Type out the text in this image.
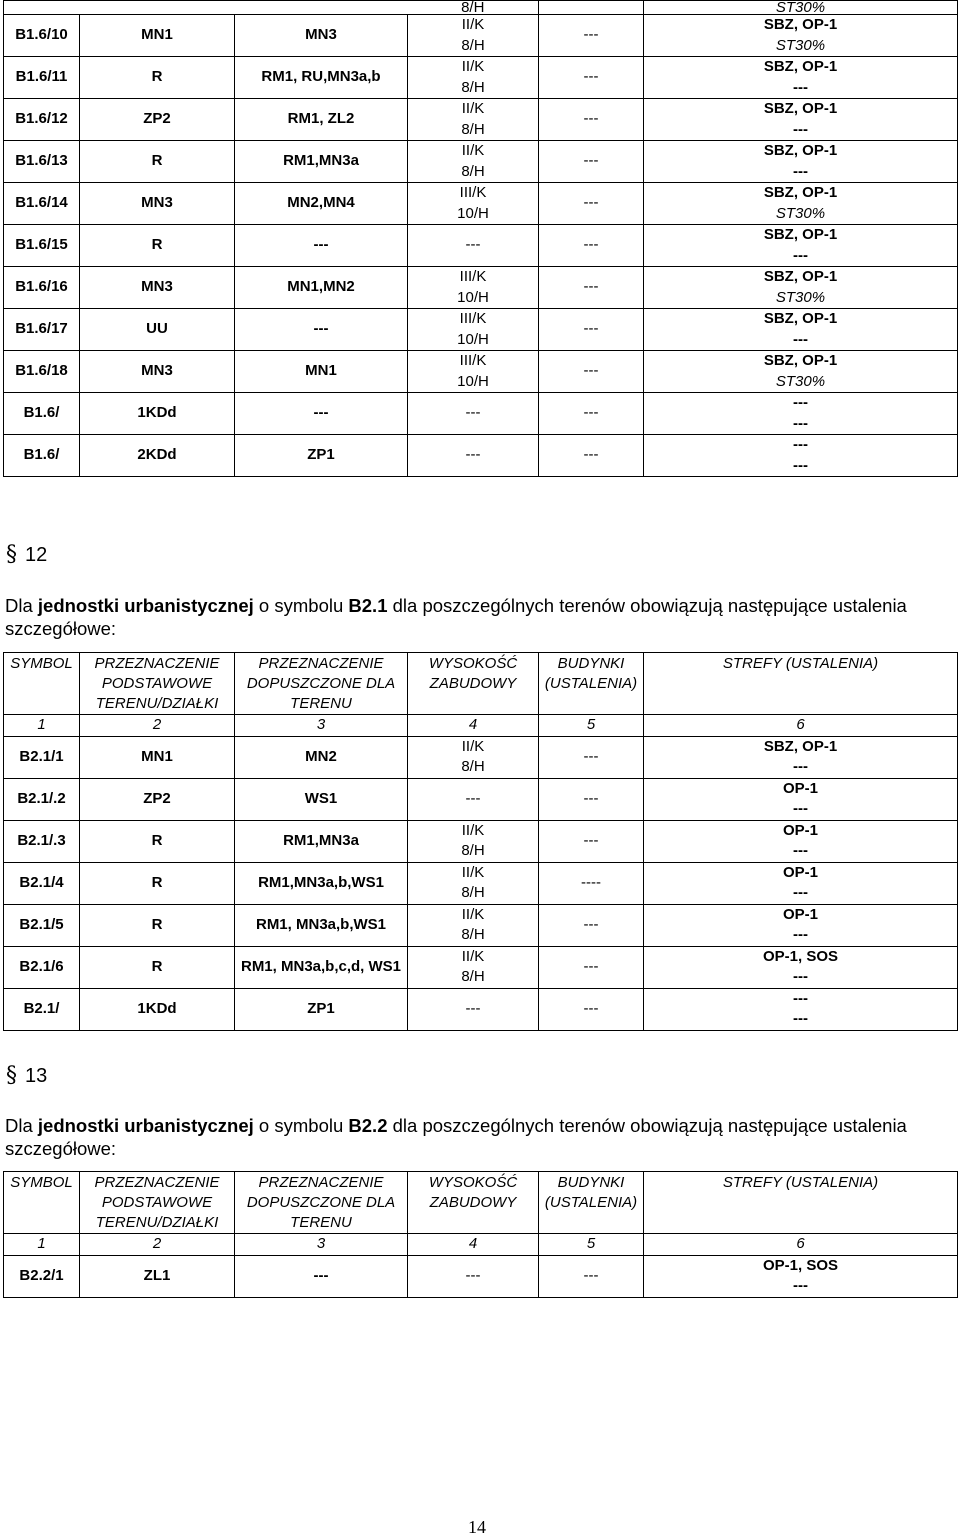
			8/H		ST30%
B1.6/10	MN1	MN3	II/K
8/H	---	SBZ, OP-1
ST30%

B1.6/11	R	RM1, RU,MN3a,b	II/K
8/H	---	SBZ, OP-1
---

B1.6/12	ZP2	RM1, ZL2	II/K
8/H	---	SBZ, OP-1
---

B1.6/13	R	RM1,MN3a	II/K
8/H	---	SBZ, OP-1
---

B1.6/14	MN3	MN2,MN4	III/K
10/H	---	SBZ, OP-1
ST30%

B1.6/15	R	---	---	---	SBZ, OP-1
---

B1.6/16	MN3	MN1,MN2	III/K
10/H	---	SBZ, OP-1
ST30%

B1.6/17	UU	---	III/K
10/H	---	SBZ, OP-1
---

B1.6/18	MN3	MN1	III/K
10/H	---	SBZ, OP-1
ST30%

B1.6/	1KDd	---	---	---	---
---

B1.6/	2KDd	ZP1	---	---	---
---
§ 12
Dla jednostki urbanistycznej o symbolu B2.1 dla poszczególnych terenów obowiązują następujące ustalenia szczegółowe:
SYMBOL	PRZEZNACZENIE PODSTAWOWE TERENU/DZIAŁKI	PRZEZNACZENIE DOPUSZCZONE DLA TERENU	WYSOKOŚĆ ZABUDOWY	BUDYNKI (USTALENIA)	STREFY (USTALENIA)
1	2	3	4	5	6
B2.1/1	MN1	MN2	II/K
8/H	---	SBZ, OP-1
---

B2.1/.2	ZP2	WS1	---	---	OP-1
---

B2.1/.3	R	RM1,MN3a	II/K
8/H	---	OP-1
---

B2.1/4	R	RM1,MN3a,b,WS1	II/K
8/H	----	OP-1
---

B2.1/5	R	RM1, MN3a,b,WS1	II/K
8/H	---	OP-1
---

B2.1/6	R	RM1, MN3a,b,c,d, WS1	II/K
8/H	---	OP-1, SOS
---

B2.1/	1KDd	ZP1	---	---	---
---
§ 13
Dla jednostki urbanistycznej o symbolu B2.2 dla poszczególnych terenów obowiązują następujące ustalenia szczegółowe:
SYMBOL	PRZEZNACZENIE PODSTAWOWE TERENU/DZIAŁKI	PRZEZNACZENIE DOPUSZCZONE DLA TERENU	WYSOKOŚĆ ZABUDOWY	BUDYNKI (USTALENIA)	STREFY (USTALENIA)
1	2	3	4	5	6
B2.2/1	ZL1	---	---	---	OP-1, SOS
---
14
